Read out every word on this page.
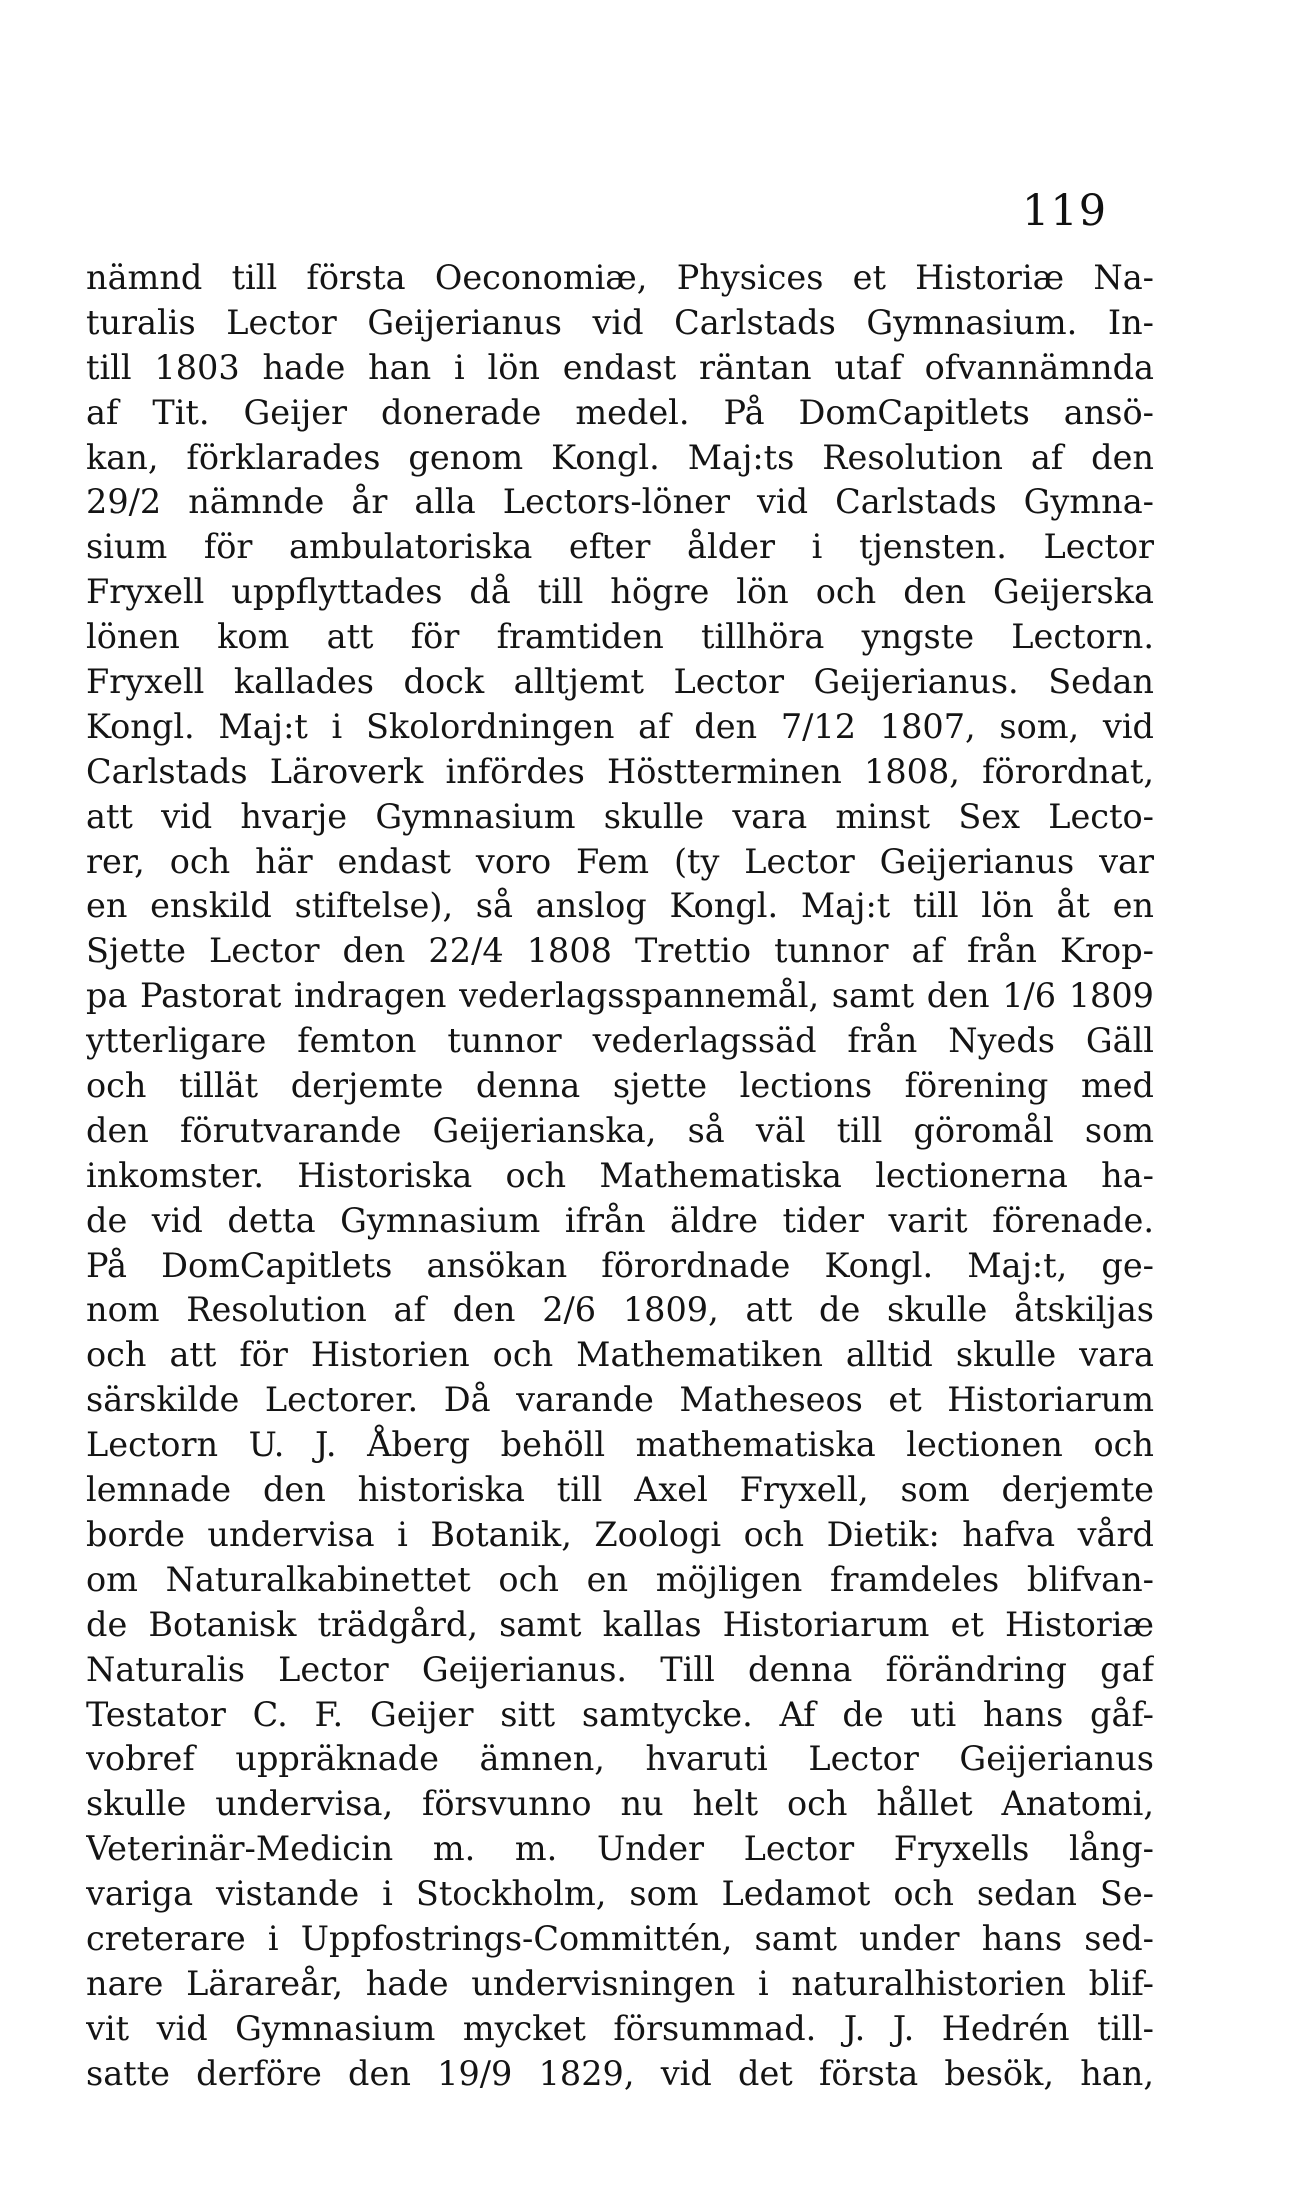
119
nämnd till första Oeconomiæ, Physices et Historiæ Na-
turalis Lector Geijerianus vid Carlstads Gymnasium. In-
till 1803 hade han i lön endast räntan utaf ofvannämnda
af Tit. Geijer donerade medel. På DomCapitlets ansö-
kan, förklarades genom Kongl. Maj:ts Resolution af den
29/2 nämnde år alla Lectors-löner vid Carlstads Gymna-
sium för ambulatoriska efter ålder i tjensten. Lector
Fryxell uppflyttades då till högre lön och den Geijerska
lönen kom att för framtiden tillhöra yngste Lectorn.
Fryxell kallades dock alltjemt Lector Geijerianus. Sedan
Kongl. Maj:t i Skolordningen af den 7/12 1807, som, vid
Carlstads Läroverk infördes Höstterminen 1808, förordnat,
att vid hvarje Gymnasium skulle vara minst Sex Lecto-
rer, och här endast voro Fem (ty Lector Geijerianus var
en enskild stiftelse), så anslog Kongl. Maj:t till lön åt en
Sjette Lector den 22/4 1808 Trettio tunnor af från Krop-
pa Pastorat indragen vederlagsspannemål, samt den 1/6 1809
ytterligare femton tunnor vederlagssäd från Nyeds Gäll
och tillät derjemte denna sjette lections förening med
den förutvarande Geijerianska, så väl till göromål som
inkomster. Historiska och Mathematiska lectionerna ha-
de vid detta Gymnasium ifrån äldre tider varit förenade.
På DomCapitlets ansökan förordnade Kongl. Maj:t, ge-
nom Resolution af den 2/6 1809, att de skulle åtskiljas
och att för Historien och Mathematiken alltid skulle vara
särskilde Lectorer. Då varande Matheseos et Historiarum
Lectorn U. J. Åberg behöll mathematiska lectionen och
lemnade den historiska till Axel Fryxell, som derjemte
borde undervisa i Botanik, Zoologi och Dietik: hafva vård
om Naturalkabinettet och en möjligen framdeles blifvan-
de Botanisk trädgård, samt kallas Historiarum et Historiæ
Naturalis Lector Geijerianus. Till denna förändring gaf
Testator C. F. Geijer sitt samtycke. Af de uti hans gåf-
vobref uppräknade ämnen, hvaruti Lector Geijerianus
skulle undervisa, försvunno nu helt och hållet Anatomi,
Veterinär-Medicin m. m. Under Lector Fryxells lång-
variga vistande i Stockholm, som Ledamot och sedan Se-
creterare i Uppfostrings-Committén, samt under hans sed-
nare Lärareår, hade undervisningen i naturalhistorien blif-
vit vid Gymnasium mycket försummad. J. J. Hedrén till-
satte derföre den 19/9 1829, vid det första besök, han,
